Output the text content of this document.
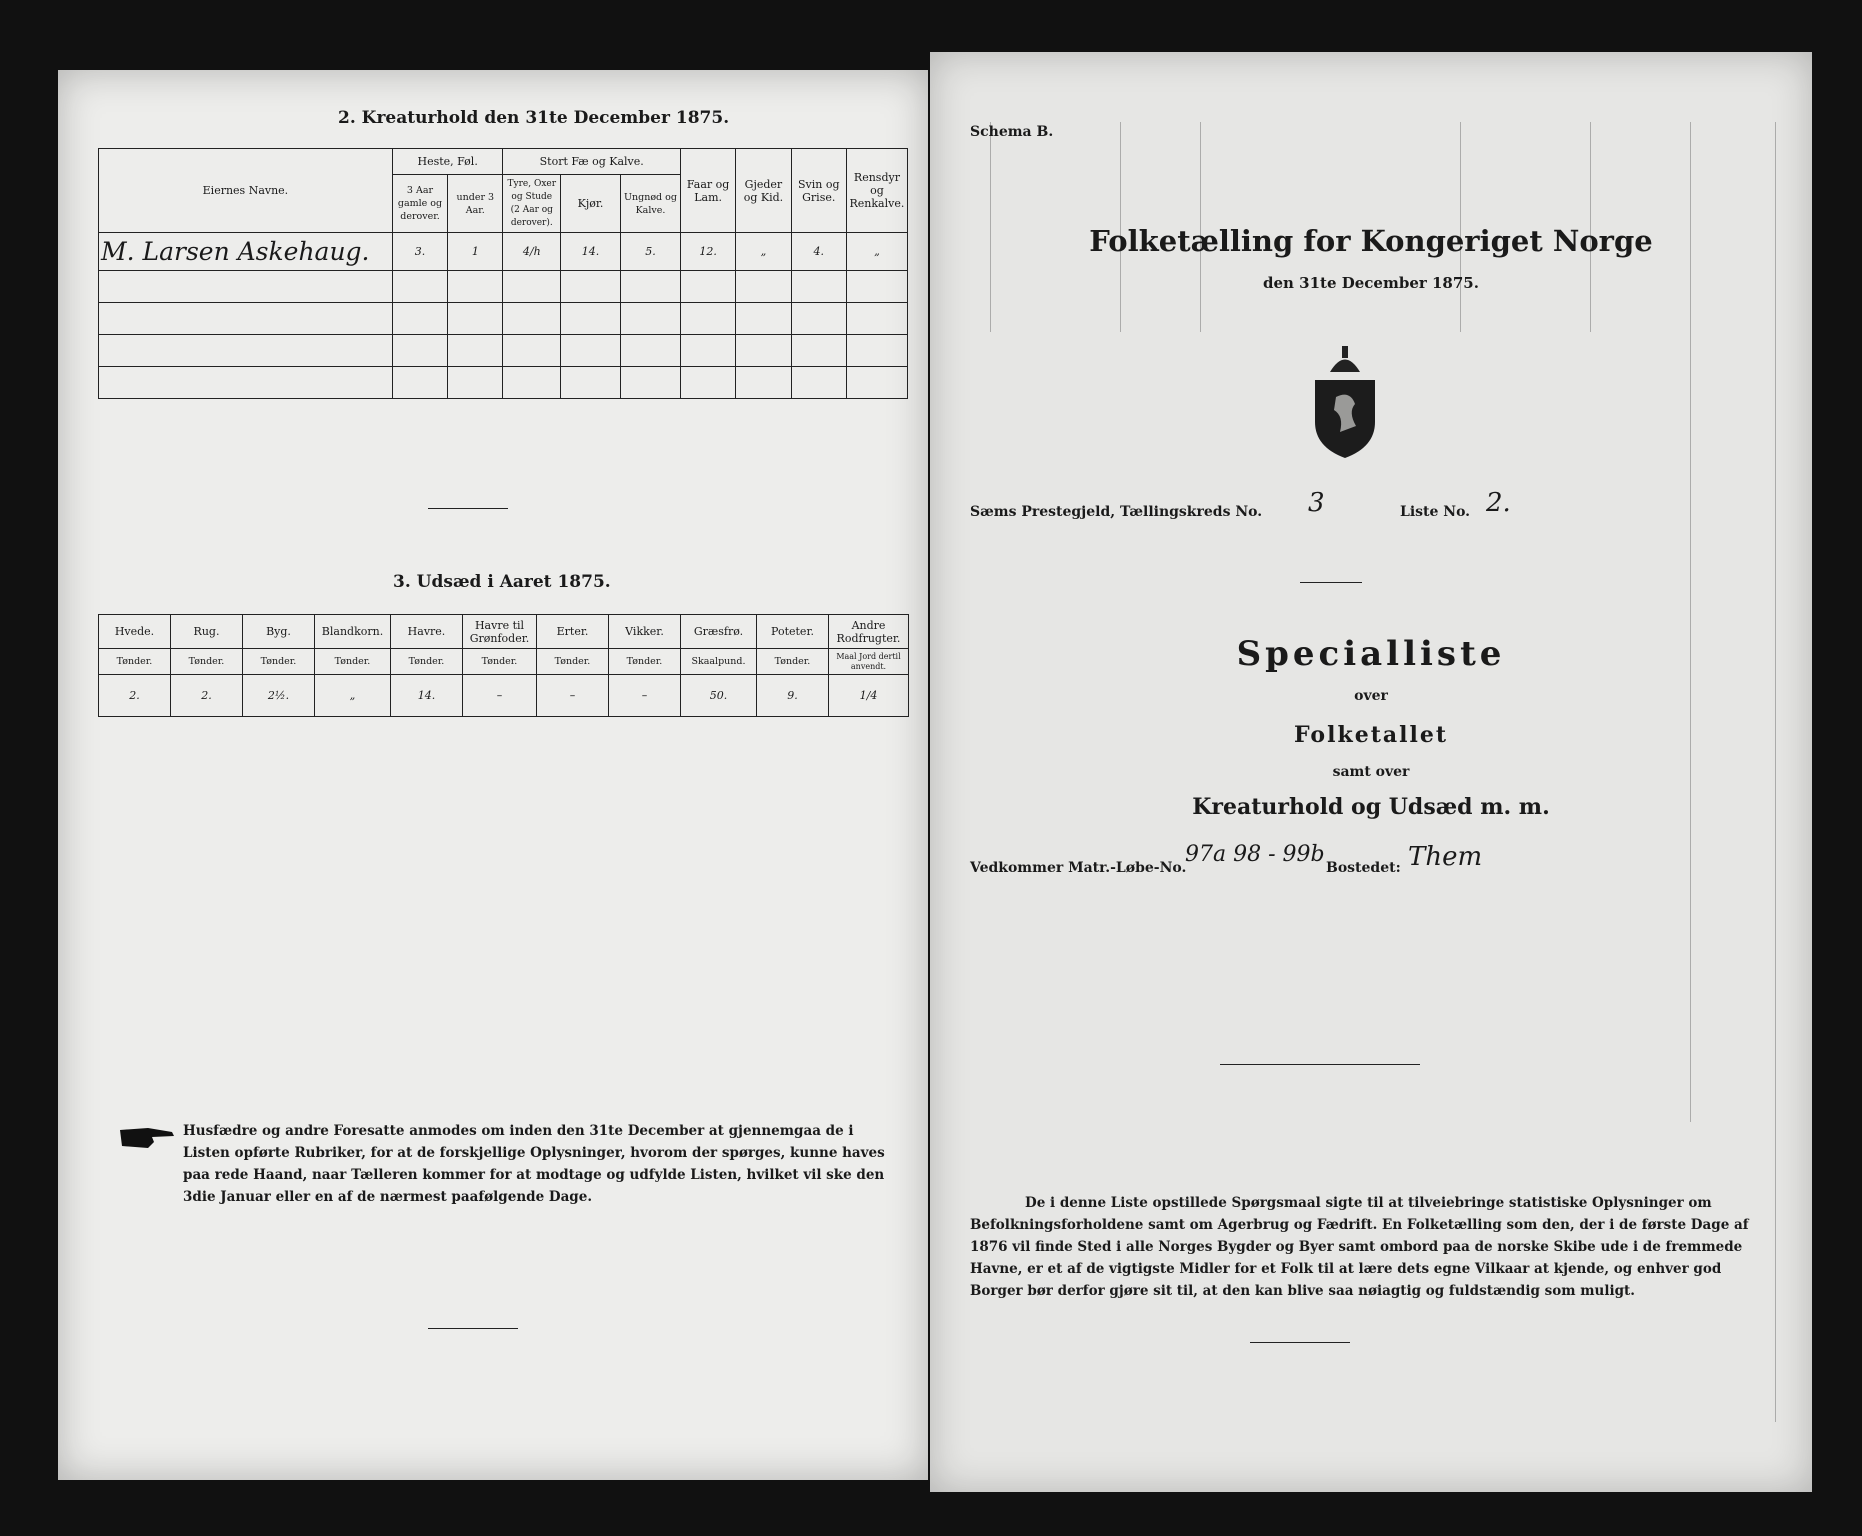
2. Kreaturhold den 31te December 1875.
Eiernes Navne.	Heste, Føl.		Stort Fæ og Kalve.			Faar og Lam.	Gjeder og Kid.	Svin og Grise.	Rensdyr og Renkalve.
	3 Aar gamle og derover.	under 3 Aar.	Tyre, Oxer og Stude (2 Aar og derover).	Kjør.	Ungnød og Kalve.				
M. Larsen Askehaug.	3.	1	4/h	14.	5.	12.	„	4.	„

3. Udsæd i Aaret 1875.
Hvede.	Rug.	Byg.	Blandkorn.	Havre.	Havre til Grønfoder.	Erter.	Vikker.	Græsfrø.	Poteter.	Andre Rodfrugter.
Tønder.	Tønder.	Tønder.	Tønder.	Tønder.	Tønder.	Tønder.	Tønder.	Skaalpund.	Tønder.	Maal Jord dertil anvendt.
2.	2.	2½.	„	14.	–	–	–	50.	9.	1/4
Husfædre og andre Foresatte anmodes om inden den 31te December at gjennemgaa de i Listen opførte Rubriker, for at de forskjellige Oplysninger, hvorom der spørges, kunne haves paa rede Haand, naar Tælleren kommer for at modtage og udfylde Listen, hvilket vil ske den 3die Januar eller en af de nærmest paafølgende Dage.
Schema B.
Folketælling for Kongeriget Norge
den 31te December 1875.
Sæms Prestegjeld, Tællingskreds No. 3	Liste No. 2.
Specialliste
over
Folketallet
samt over
Kreaturhold og Udsæd m. m.
Vedkommer Matr.-Løbe-No.
97a 98 - 99b
Bostedet: Them
De i denne Liste opstillede Spørgsmaal sigte til at tilveiebringe statistiske Oplysninger om Befolkningsforholdene samt om Agerbrug og Fædrift. En Folketælling som den, der i de første Dage af 1876 vil finde Sted i alle Norges Bygder og Byer samt ombord paa de norske Skibe ude i de fremmede Havne, er et af de vigtigste Midler for et Folk til at lære dets egne Vilkaar at kjende, og enhver god Borger bør derfor gjøre sit til, at den kan blive saa nøiagtig og fuldstændig som muligt.
